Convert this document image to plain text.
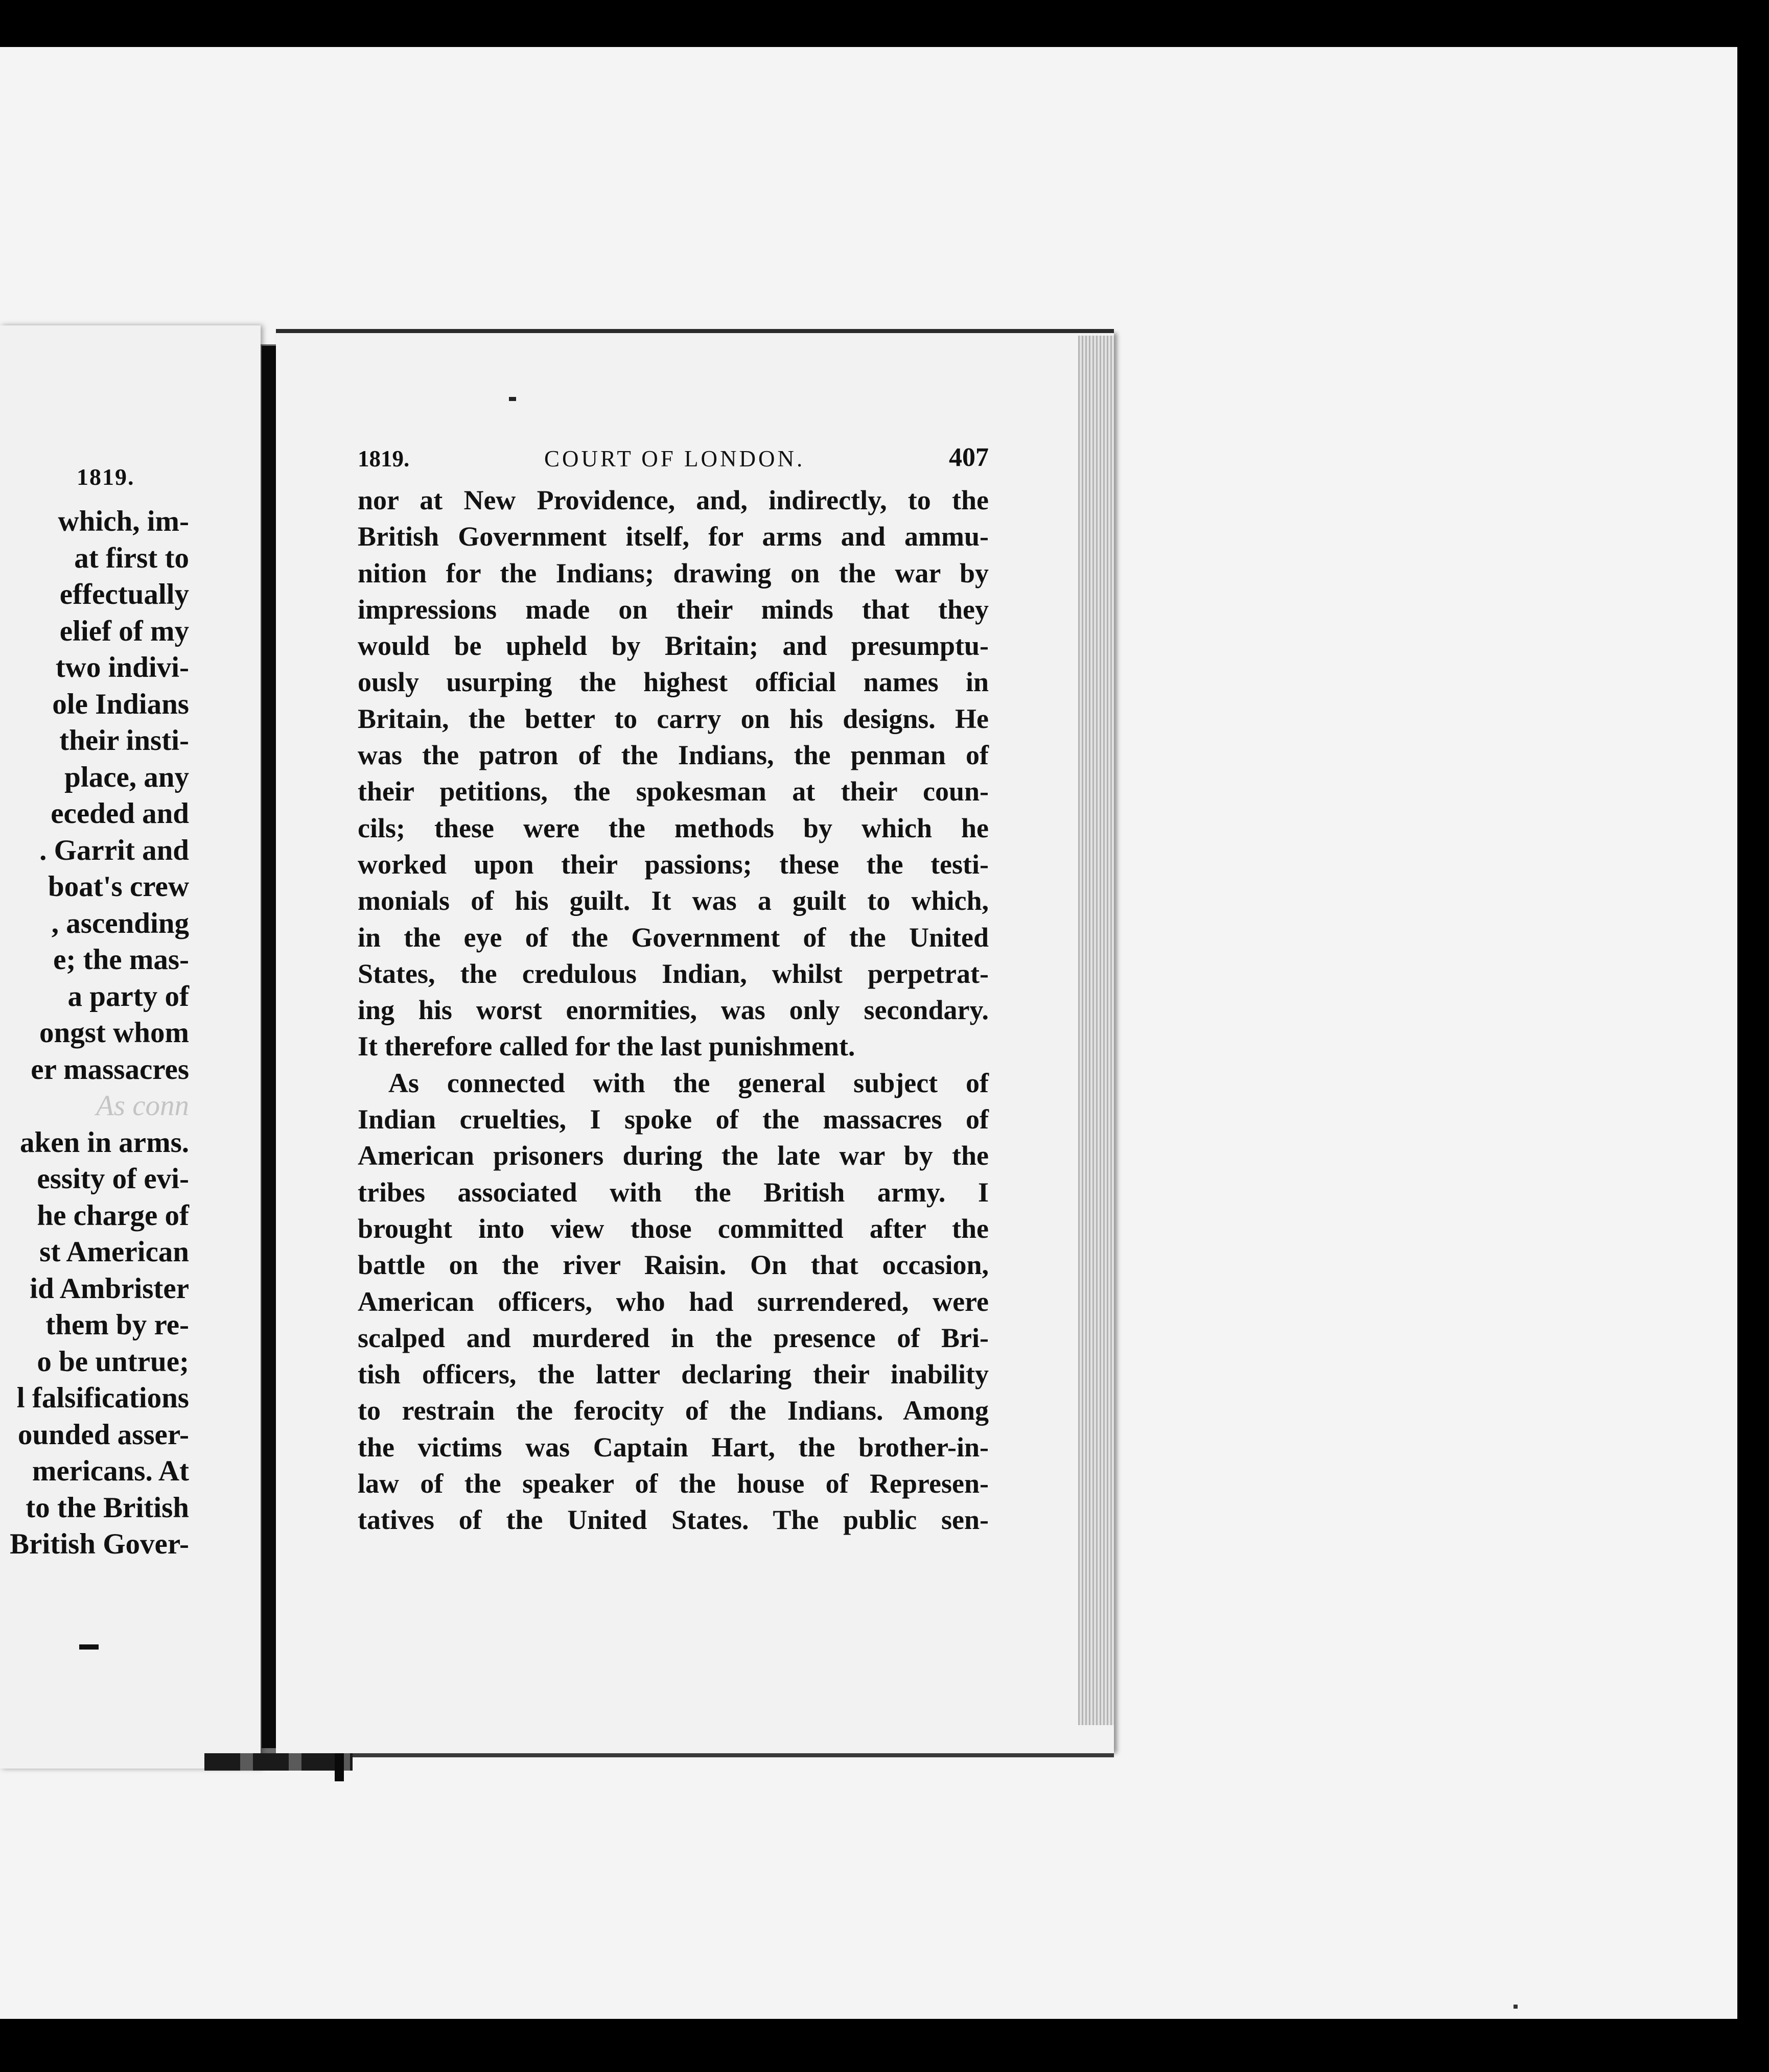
1819.
which, im-
at first to
effectually
elief of my
two indivi-
ole Indians
their insti-
place, any
eceded and
. Garrit and
boat's crew
, ascending
e; the mas-
a party of
ongst whom
er massacres
As conn
aken in arms.
essity of evi-
he charge of
st American
id Ambrister
them by re-
o be untrue;
l falsifications
ounded asser-
mericans. At
to the British
British Gover-
1819.	COURT OF LONDON.	407
nor at New Providence, and, indirectly, to the
British Government itself, for arms and ammu-
nition for the Indians; drawing on the war by
impressions made on their minds that they
would be upheld by Britain; and presumptu-
ously usurping the highest official names in
Britain, the better to carry on his designs. He
was the patron of the Indians, the penman of
their petitions, the spokesman at their coun-
cils; these were the methods by which he
worked upon their passions; these the testi-
monials of his guilt. It was a guilt to which,
in the eye of the Government of the United
States, the credulous Indian, whilst perpetrat-
ing his worst enormities, was only secondary.
It therefore called for the last punishment.
As connected with the general subject of
Indian cruelties, I spoke of the massacres of
American prisoners during the late war by the
tribes associated with the British army. I
brought into view those committed after the
battle on the river Raisin. On that occasion,
American officers, who had surrendered, were
scalped and murdered in the presence of Bri-
tish officers, the latter declaring their inability
to restrain the ferocity of the Indians. Among
the victims was Captain Hart, the brother-in-
law of the speaker of the house of Represen-
tatives of the United States. The public sen-
